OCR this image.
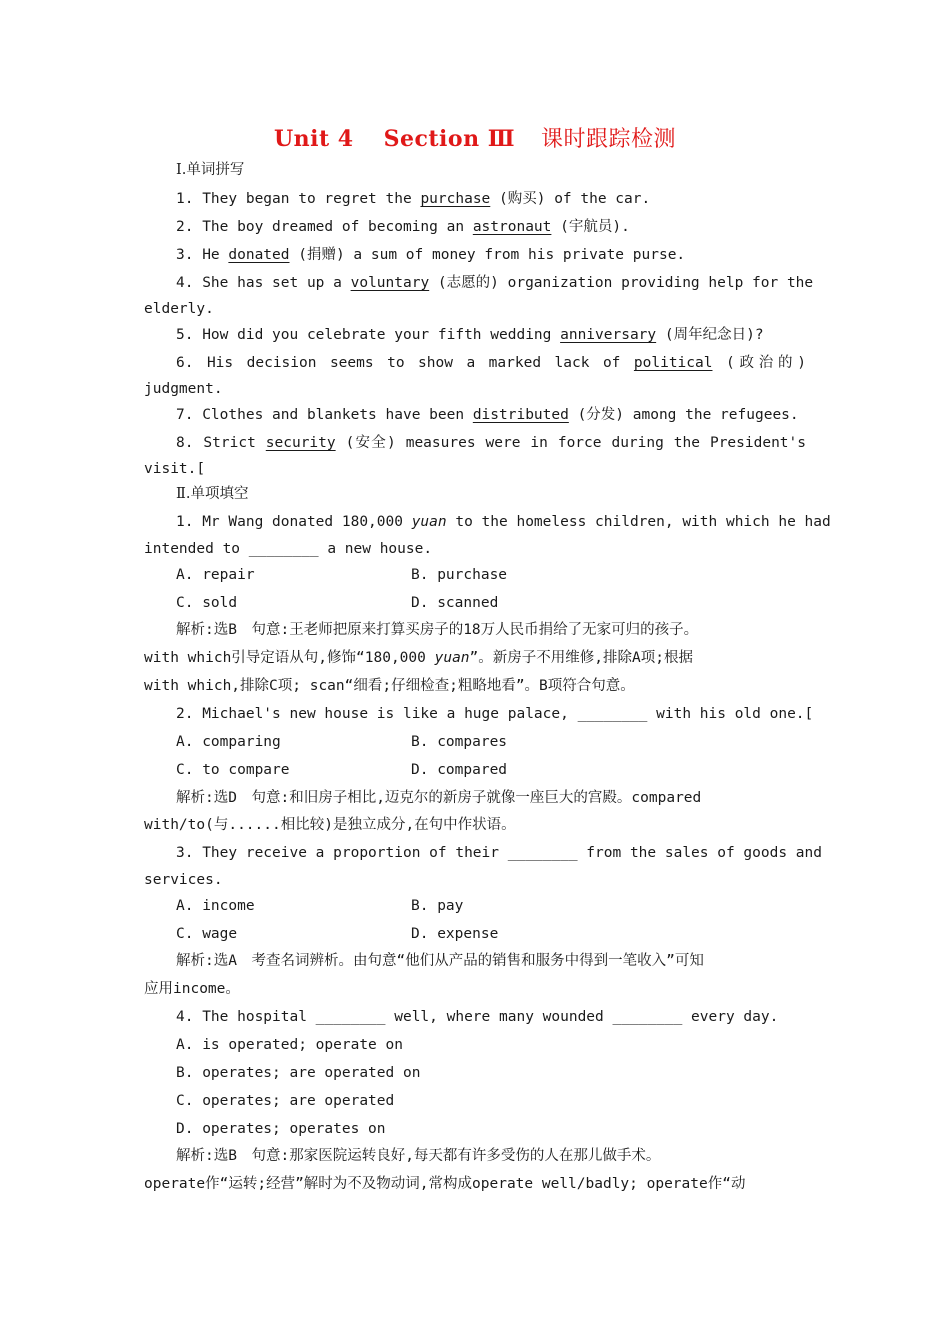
Unit 4 Section Ⅲ 课时跟踪检测
Ⅰ.单词拼写
1. They began to regret the purchase (购买) of the car.
2. The boy dreamed of becoming an astronaut (宇航员).
3. He donated (捐赠) a sum of money from his private purse.
4. She has set up a voluntary (志愿的) organization providing help for the
elderly.
5. How did you celebrate your fifth wedding anniversary (周年纪念日)?
6. His decision seems to show a marked lack of political (政治的)
judgment.
7. Clothes and blankets have been distributed (分发) among the refugees.
8. Strict security (安全) measures were in force during the President's
visit.[
Ⅱ.单项填空
1. Mr Wang donated 180,000 yuan to the homeless children, with which he had
intended to ________ a new house.
A. repair	B. purchase
C. sold	D. scanned
解析:选B　句意:王老师把原来打算买房子的18万人民币捐给了无家可归的孩子。
with which引导定语从句,修饰“180,000 yuan”。新房子不用维修,排除A项;根据
with which,排除C项; scan“细看;仔细检查;粗略地看”。B项符合句意。
2. Michael's new house is like a huge palace, ________ with his old one.[
A. comparing	B. compares
C. to compare	D. compared
解析:选D　句意:和旧房子相比,迈克尔的新房子就像一座巨大的宫殿。compared
with/to(与......相比较)是独立成分,在句中作状语。
3. They receive a proportion of their ________ from the sales of goods and
services.
A. income	B. pay
C. wage	D. expense
解析:选A　考查名词辨析。由句意“他们从产品的销售和服务中得到一笔收入”可知
应用income。
4. The hospital ________ well, where many wounded ________ every day.
A. is operated; operate on
B. operates; are operated on
C. operates; are operated
D. operates; operates on
解析:选B　句意:那家医院运转良好,每天都有许多受伤的人在那儿做手术。
operate作“运转;经营”解时为不及物动词,常构成operate well/badly; operate作“动
